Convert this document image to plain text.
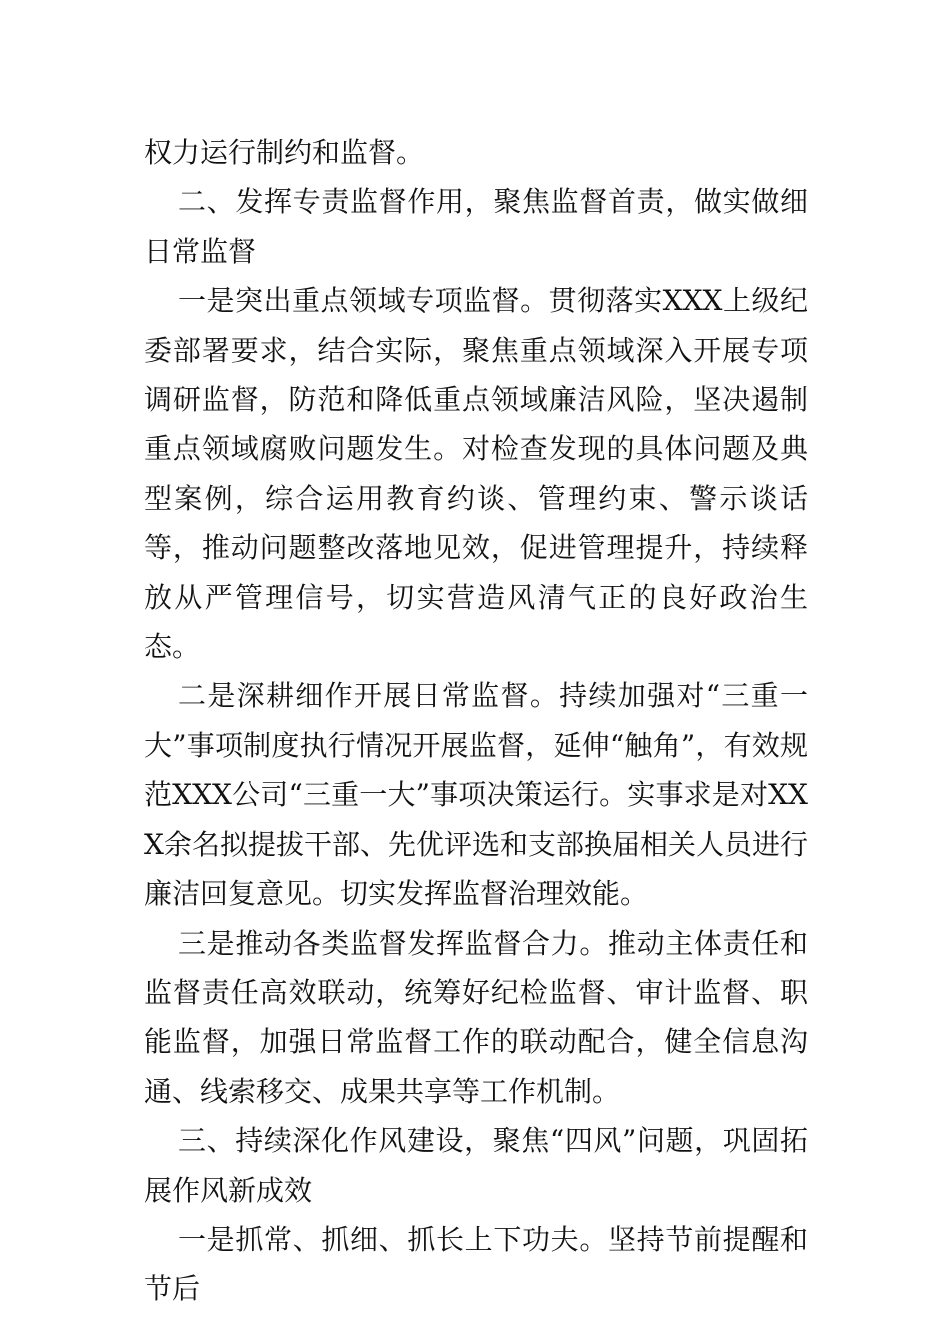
权力运行制约和监督。

二、发挥专责监督作用，聚焦监督首责，做实做细日常监督

一是突出重点领域专项监督。贯彻落实XXX上级纪委部署要求，结合实际，聚焦重点领域深入开展专项调研监督，防范和降低重点领域廉洁风险，坚决遏制重点领域腐败问题发生。对检查发现的具体问题及典型案例，综合运用教育约谈、管理约束、警示谈话等，推动问题整改落地见效，促进管理提升，持续释放从严管理信号，切实营造风清气正的良好政治生态。

二是深耕细作开展日常监督。持续加强对“三重一大”事项制度执行情况开展监督，延伸“触角”，有效规范XXX公司“三重一大”事项决策运行。实事求是对XXX余名拟提拔干部、先优评选和支部换届相关人员进行廉洁回复意见。切实发挥监督治理效能。

三是推动各类监督发挥监督合力。推动主体责任和监督责任高效联动，统筹好纪检监督、审计监督、职能监督，加强日常监督工作的联动配合，健全信息沟通、线索移交、成果共享等工作机制。

三、持续深化作风建设，聚焦“四风”问题，巩固拓展作风新成效

一是抓常、抓细、抓长上下功夫。坚持节前提醒和节后
